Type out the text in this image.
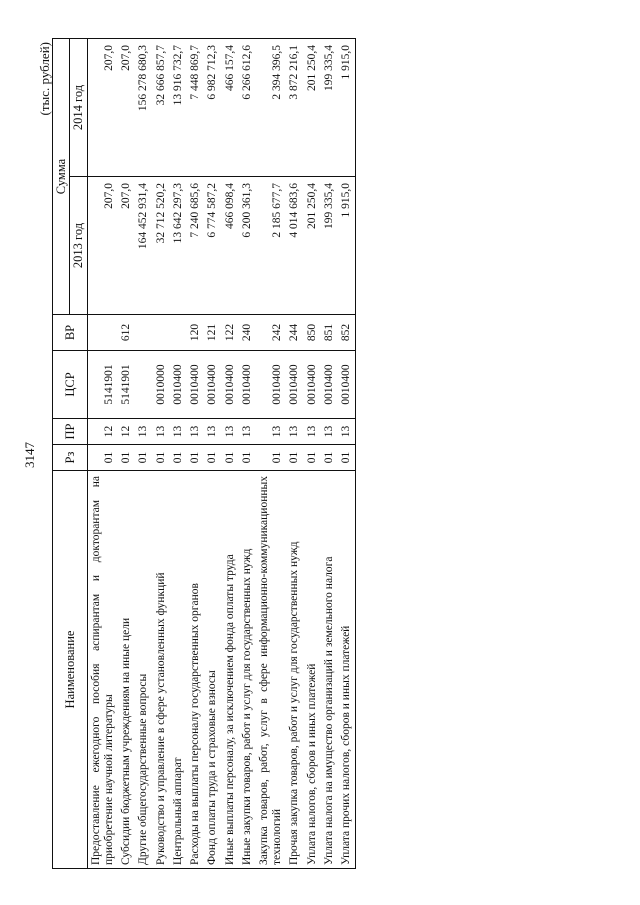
3147
(тыс. рублей)
Наименование	Рз	ПР	ЦСР	ВР	Сумма	
					2013 год	2014 год
Предоставление ежегодного пособия аспирантам и докторантам на приобретение научной литературы	01	12	5141901		207,0	207,0
Субсидии бюджетным учреждениям на иные цели	01	12	5141901	612	207,0	207,0
Другие общегосударственные вопросы	01	13			164 452 931,4	156 278 680,3
Руководство и управление в сфере установленных функций	01	13	0010000		32 712 520,2	32 666 857,7
Центральный аппарат	01	13	0010400		13 642 297,3	13 916 732,7
Расходы на выплаты персоналу государственных органов	01	13	0010400	120	7 240 685,6	7 448 869,7
Фонд оплаты труда и страховые взносы	01	13	0010400	121	6 774 587,2	6 982 712,3
Иные выплаты персоналу, за исключением фонда оплаты труда	01	13	0010400	122	466 098,4	466 157,4
Иные закупки товаров, работ и услуг для государственных нужд	01	13	0010400	240	6 200 361,3	6 266 612,6
Закупка товаров, работ, услуг в сфере информационно-коммуникационных технологий	01	13	0010400	242	2 185 677,7	2 394 396,5
Прочая закупка товаров, работ и услуг для государственных нужд	01	13	0010400	244	4 014 683,6	3 872 216,1
Уплата налогов, сборов и иных платежей	01	13	0010400	850	201 250,4	201 250,4
Уплата налога на имущество организаций и земельного налога	01	13	0010400	851	199 335,4	199 335,4
Уплата прочих налогов, сборов и иных платежей	01	13	0010400	852	1 915,0	1 915,0
